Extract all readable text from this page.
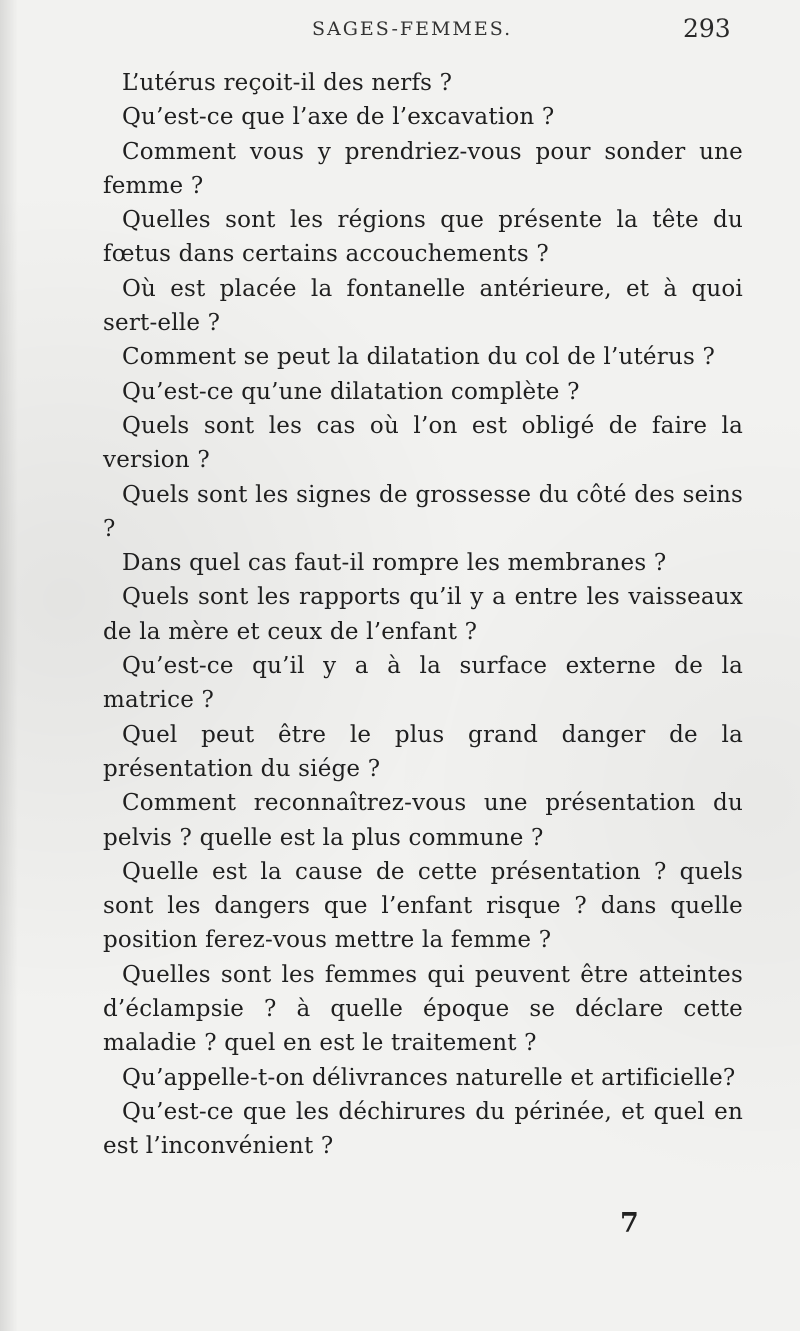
SAGES-FEMMES.	293

L’utérus reçoit-il des nerfs ?

Qu’est-ce que l’axe de l’excavation ?

Comment vous y prendriez-vous pour sonder une femme ?

Quelles sont les régions que présente la tête du fœtus dans certains accouchements ?

Où est placée la fontanelle antérieure, et à quoi sert-elle ?

Comment se peut la dilatation du col de l’utérus ?

Qu’est-ce qu’une dilatation complète ?

Quels sont les cas où l’on est obligé de faire la version ?

Quels sont les signes de grossesse du côté des seins ?

Dans quel cas faut-il rompre les membranes ?

Quels sont les rapports qu’il y a entre les vaisseaux de la mère et ceux de l’enfant ?

Qu’est-ce qu’il y a à la surface externe de la matrice ?

Quel peut être le plus grand danger de la présentation du siége ?

Comment reconnaîtrez-vous une présentation du pelvis ? quelle est la plus commune ?

Quelle est la cause de cette présentation ? quels sont les dangers que l’enfant risque ? dans quelle position ferez-vous mettre la femme ?

Quelles sont les femmes qui peuvent être atteintes d’éclampsie ? à quelle époque se déclare cette maladie ? quel en est le traitement ?

Qu’appelle-t-on délivrances naturelle et artificielle?

Qu’est-ce que les déchirures du périnée, et quel en est l’inconvénient ?

7
